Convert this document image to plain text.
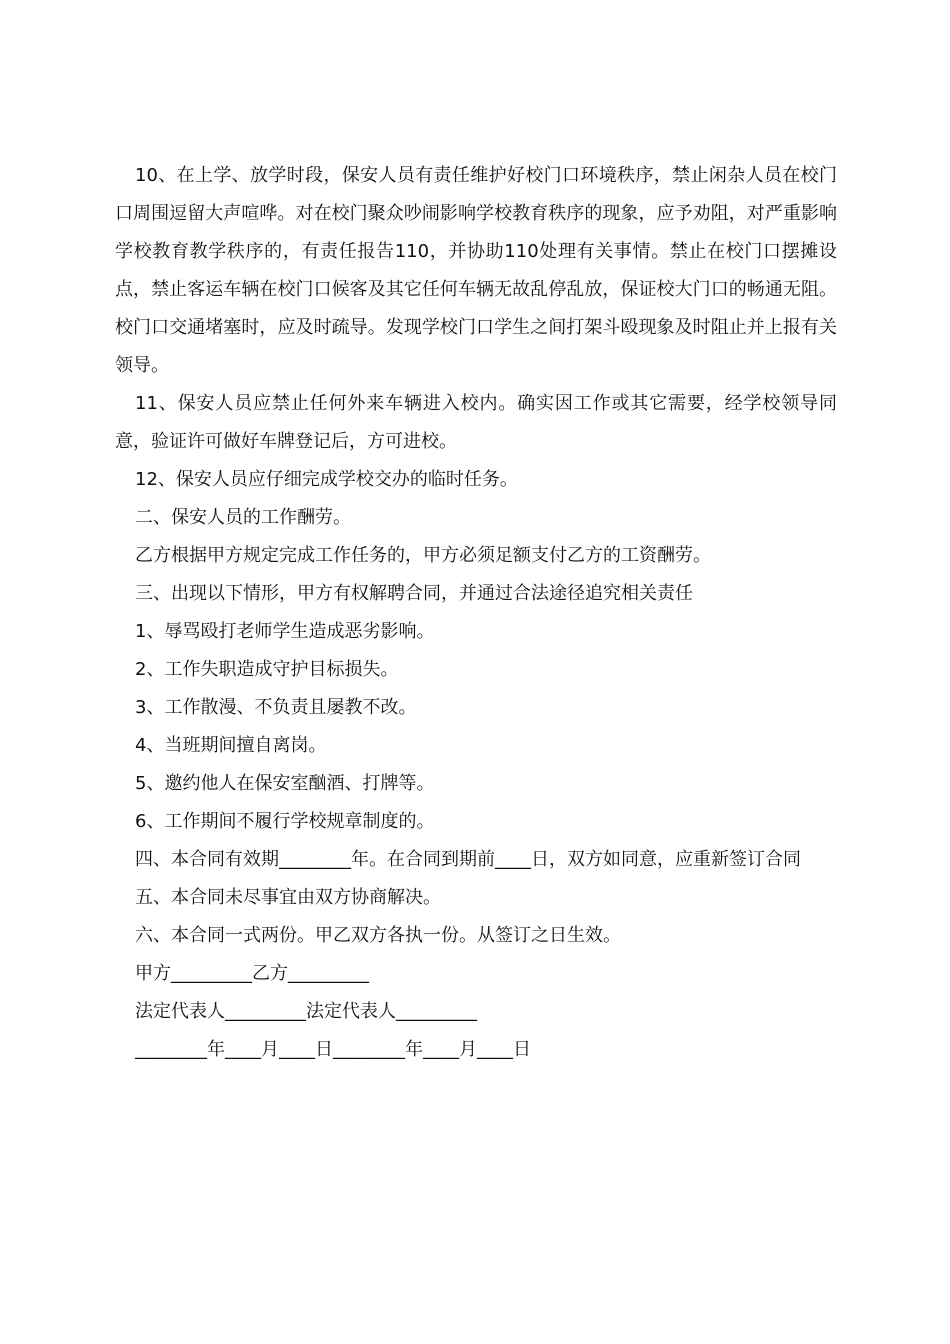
10、在上学、放学时段，保安人员有责任维护好校门口环境秩序，禁止闲杂人员在校门口周围逗留大声喧哗。对在校门聚众吵闹影响学校教育秩序的现象，应予劝阻，对严重影响学校教育教学秩序的，有责任报告110，并协助110处理有关事情。禁止在校门口摆摊设点，禁止客运车辆在校门口候客及其它任何车辆无故乱停乱放，保证校大门口的畅通无阻。校门口交通堵塞时，应及时疏导。发现学校门口学生之间打架斗殴现象及时阻止并上报有关领导。

11、保安人员应禁止任何外来车辆进入校内。确实因工作或其它需要，经学校领导同意，验证许可做好车牌登记后，方可进校。

12、保安人员应仔细完成学校交办的临时任务。

二、保安人员的工作酬劳。

乙方根据甲方规定完成工作任务的，甲方必须足额支付乙方的工资酬劳。

三、出现以下情形，甲方有权解聘合同，并通过合法途径追究相关责任

1、辱骂殴打老师学生造成恶劣影响。

2、工作失职造成守护目标损失。

3、工作散漫、不负责且屡教不改。

4、当班期间擅自离岗。

5、邀约他人在保安室酗酒、打牌等。

6、工作期间不履行学校规章制度的。

四、本合同有效期________年。在合同到期前____日，双方如同意，应重新签订合同

五、本合同未尽事宜由双方协商解决。

六、本合同一式两份。甲乙双方各执一份。从签订之日生效。

甲方_________乙方_________

法定代表人_________法定代表人_________

________年____月____日________年____月____日
